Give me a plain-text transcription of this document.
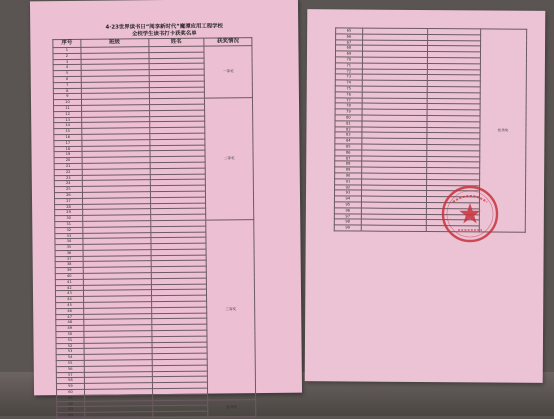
4·23世界读书日“阅享新时代”魔潭应用工程学校
全校学生读书打卡获奖名单
序号	班级	姓名	获奖情况
1			一等奖
2			
3			
4			
5			
6			
7			
8			
9			
10			二等奖
11			
12			
13			
14			
15			
16			
17			
18			
19			
20			
21			
22			
23			
24			
25			
26			
27			
28			
29			
30			
31			三等奖
32			
33			
34			
35			
36			
37			
38			
39			
40			
41			
42			
43			
44			
45			
46			
47			
48			
49			
50			
51			
52			
53			
54			
55			
56			
57			
58			
59			
60			
61			
62			优秀奖
63			
64			
65			优秀奖
66			
67			
68			
69			
70			
71			
72			
73			
74			
75			
76			
77			
78			
79			
80			
81			
82			
83			
84			
85			
86			
87			
88			
89			
90			
91			
92			
93			
94			
95			
96			
97			
98			
99			
